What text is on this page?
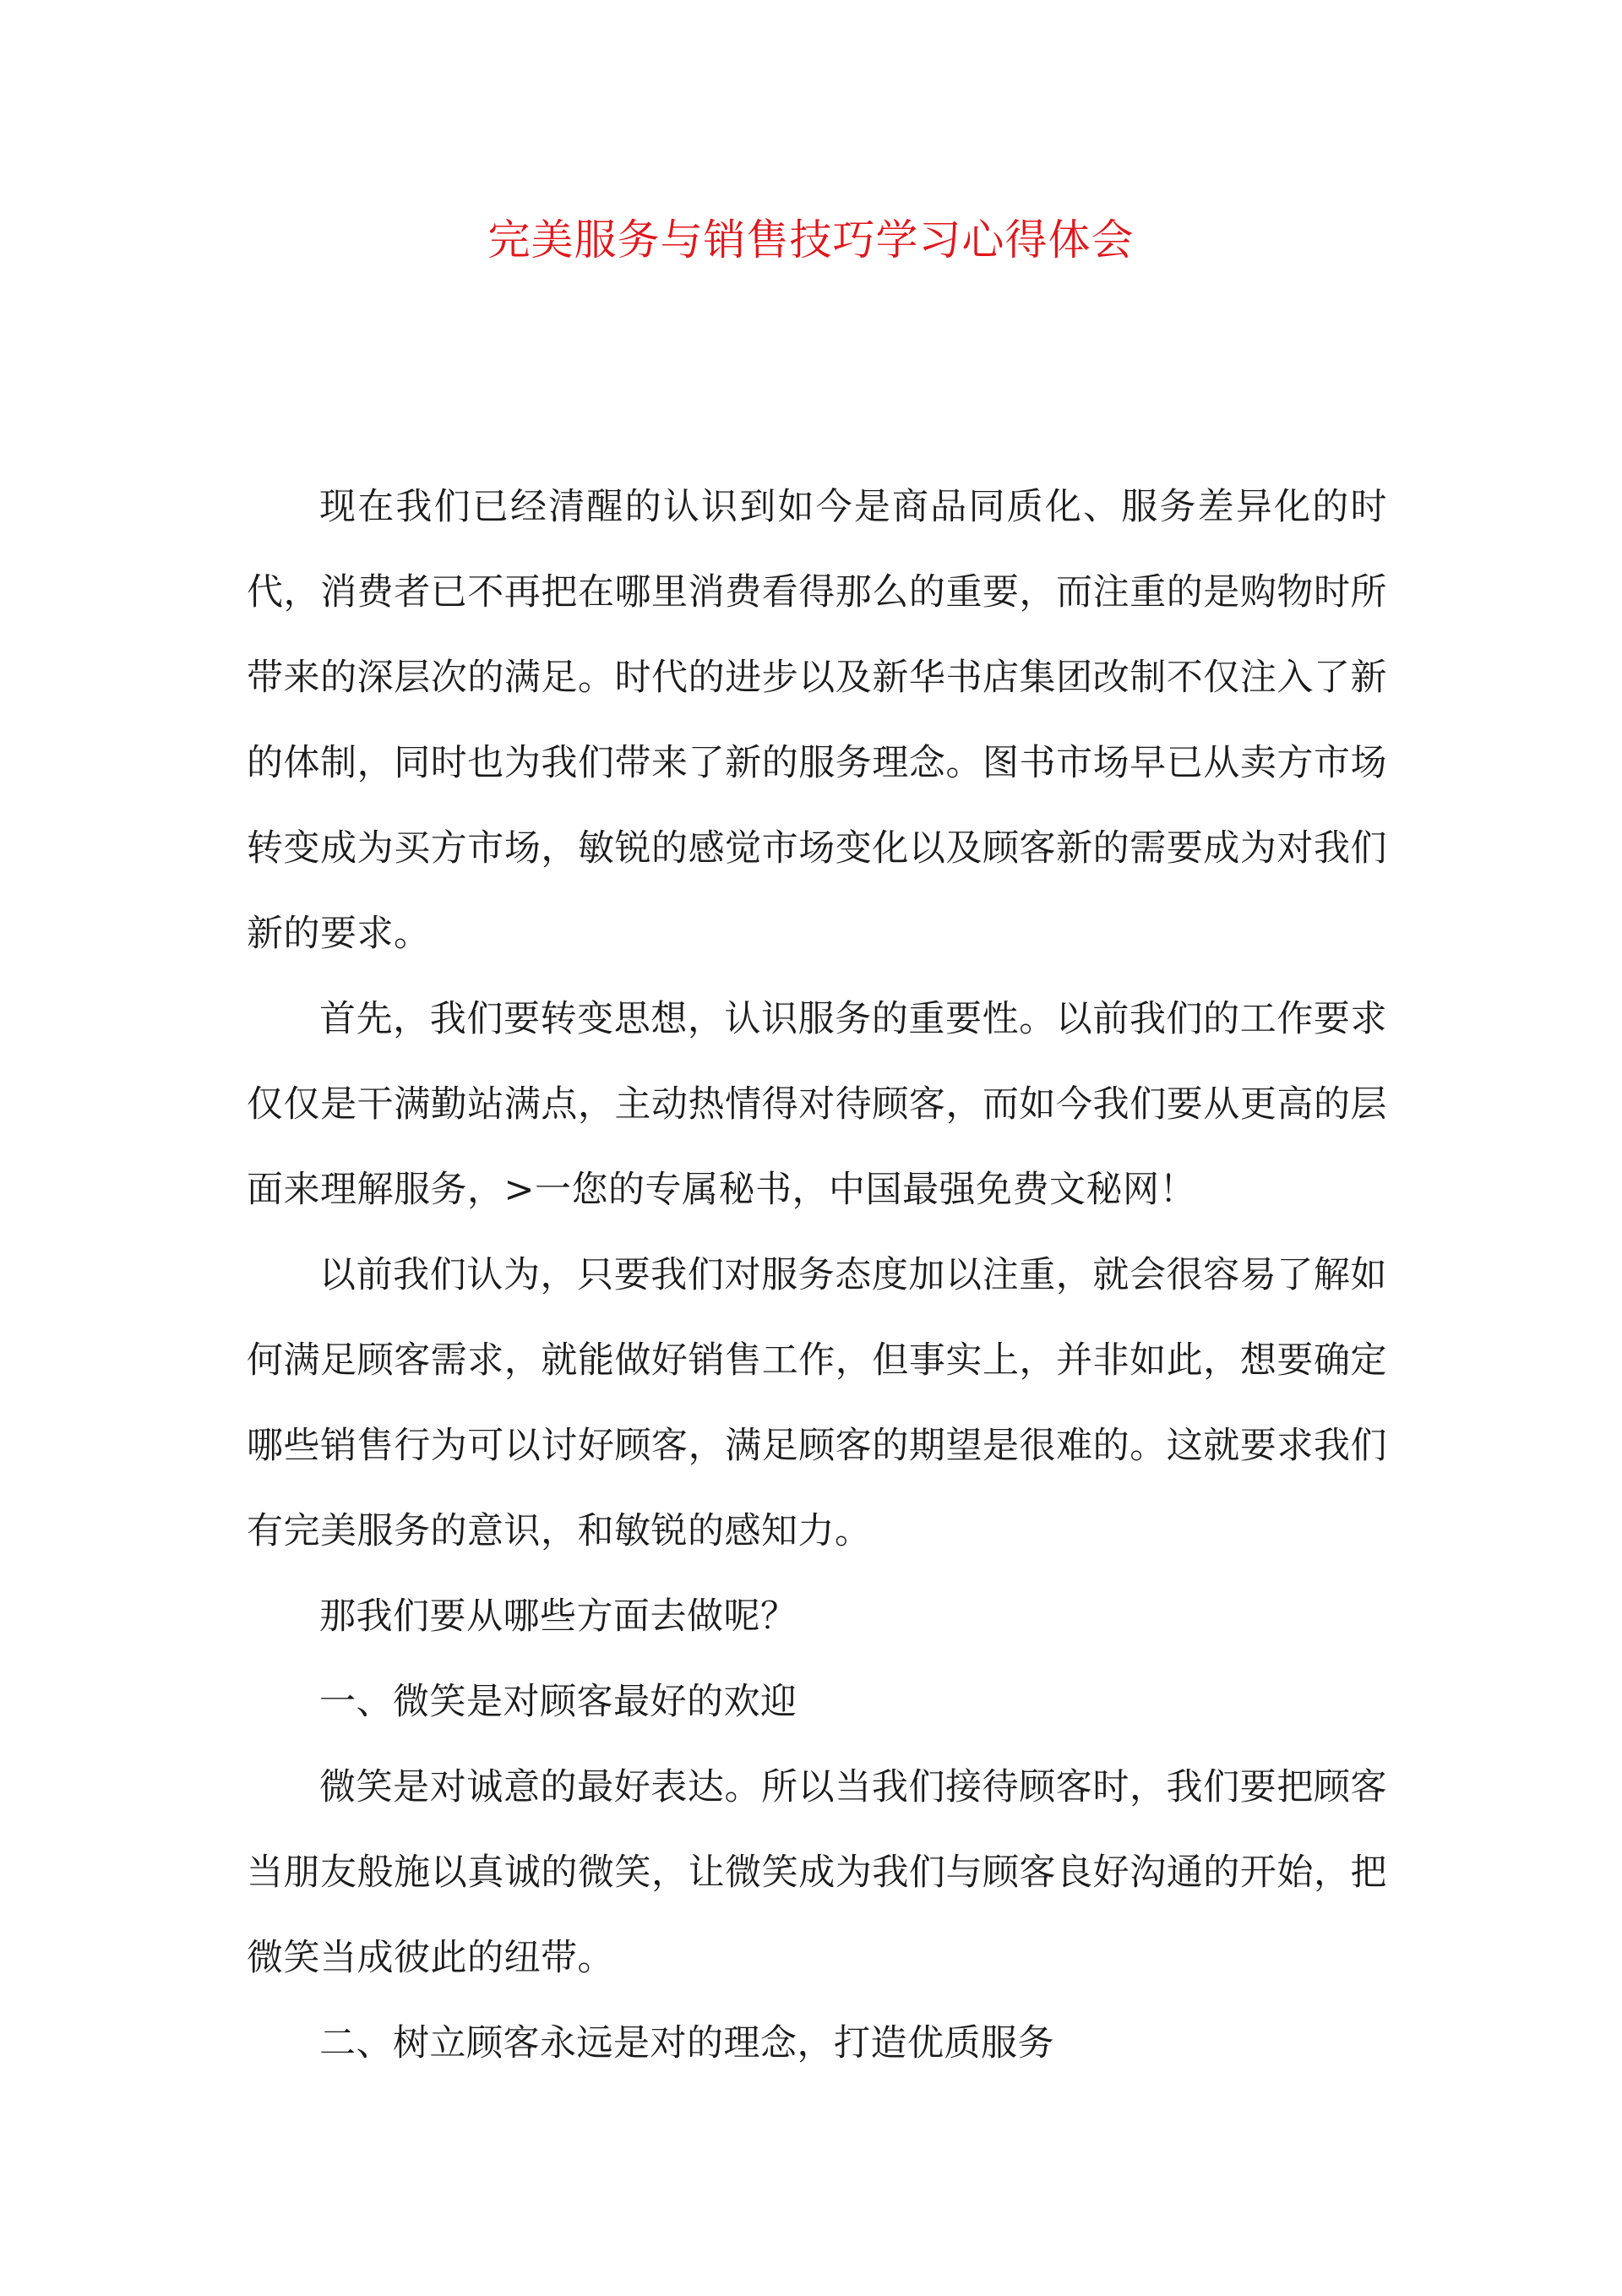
完美服务与销售技巧学习心得体会

现在我们已经清醒的认识到如今是商品同质化、服务差异化的时代，消费者已不再把在哪里消费看得那么的重要，而注重的是购物时所带来的深层次的满足。时代的进步以及新华书店集团改制不仅注入了新的体制，同时也为我们带来了新的服务理念。图书市场早已从卖方市场转变成为买方市场，敏锐的感觉市场变化以及顾客新的需要成为对我们新的要求。

首先，我们要转变思想，认识服务的重要性。以前我们的工作要求仅仅是干满勤站满点，主动热情得对待顾客，而如今我们要从更高的层面来理解服务，>一您的专属秘书，中国最强免费文秘网！

以前我们认为，只要我们对服务态度加以注重，就会很容易了解如何满足顾客需求，就能做好销售工作，但事实上，并非如此，想要确定哪些销售行为可以讨好顾客，满足顾客的期望是很难的。这就要求我们有完美服务的意识，和敏锐的感知力。

那我们要从哪些方面去做呢？

一、微笑是对顾客最好的欢迎

微笑是对诚意的最好表达。所以当我们接待顾客时，我们要把顾客当朋友般施以真诚的微笑，让微笑成为我们与顾客良好沟通的开始，把微笑当成彼此的纽带。

二、树立顾客永远是对的理念，打造优质服务
